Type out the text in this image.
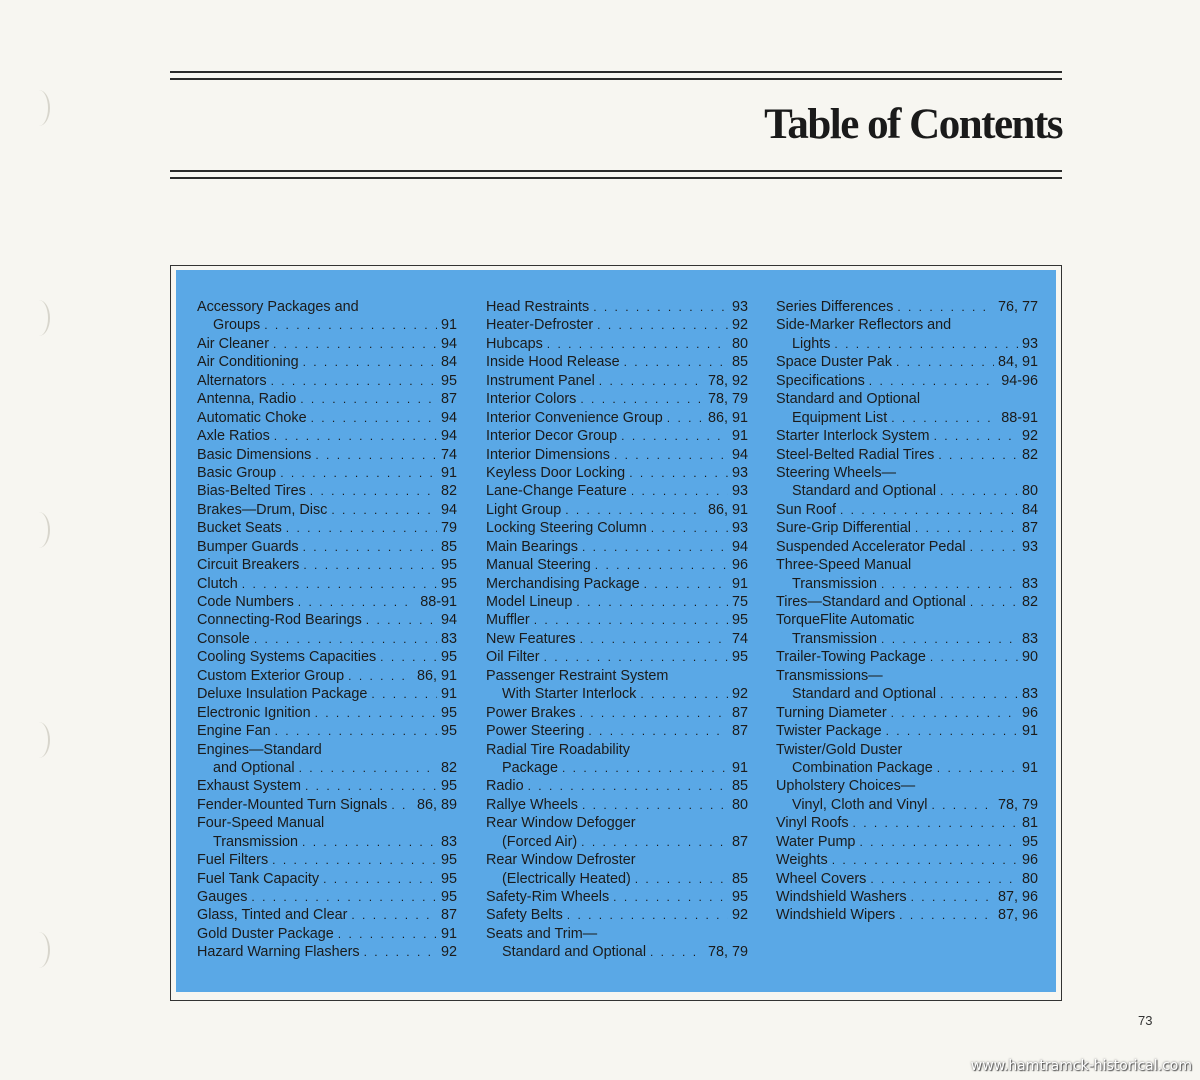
Table of Contents
Accessory Packages and
Groups . . .	91
Air Cleaner . . .	94
Air Conditioning . . .	84
Alternators . . .	95
Antenna, Radio . . .	87
Automatic Choke . . .	94
Axle Ratios . . .	94
Basic Dimensions . . .	74
Basic Group . . .	91
Bias-Belted Tires . . .	82
Brakes—Drum, Disc . . .	94
Bucket Seats . . .	79
Bumper Guards . . .	85
Circuit Breakers . . .	95
Clutch . . .	95
Code Numbers . . .	88-91
Connecting-Rod Bearings . . .	94
Console . . .	83
Cooling Systems Capacities . . .	95
Custom Exterior Group . . .	86, 91
Deluxe Insulation Package . . .	91
Electronic Ignition . . .	95
Engine Fan . . .	95
Engines—Standard
and Optional . . .	82
Exhaust System . . .	95
Fender-Mounted Turn Signals . . . 86, 89
Four-Speed Manual
Transmission . . .	83
Fuel Filters . . .	95
Fuel Tank Capacity . . .	95
Gauges . . .	95
Glass, Tinted and Clear . . .	87
Gold Duster Package . . .	91
Hazard Warning Flashers . . .	92
Head Restraints . . .	93
Heater-Defroster . . .	92
Hubcaps . . .	80
Inside Hood Release . . .	85
Instrument Panel . . .	78, 92
Interior Colors . . .	78, 79
Interior Convenience Group . . .	86, 91
Interior Decor Group . . .	91
Interior Dimensions . . .	94
Keyless Door Locking . . .	93
Lane-Change Feature . . .	93
Light Group . . .	86, 91
Locking Steering Column . . .	93
Main Bearings . . .	94
Manual Steering . . .	96
Merchandising Package . . .	91
Model Lineup . . .	75
Muffler . . .	95
New Features . . .	74
Oil Filter . . .	95
Passenger Restraint System
With Starter Interlock . . .	92
Power Brakes . . .	87
Power Steering . . .	87
Radial Tire Roadability
Package . . .	91
Radio . . .	85
Rallye Wheels . . .	80
Rear Window Defogger
(Forced Air) . . .	87
Rear Window Defroster
(Electrically Heated) . . .	85
Safety-Rim Wheels . . .	95
Safety Belts . . .	92
Seats and Trim—
Standard and Optional . . .	78, 79
Series Differences . . .	76, 77
Side-Marker Reflectors and
Lights . . .	93
Space Duster Pak . . .	84, 91
Specifications . . .	94-96
Standard and Optional
Equipment List . . .	88-91
Starter Interlock System . . .	92
Steel-Belted Radial Tires . . .	82
Steering Wheels—
Standard and Optional . . .	80
Sun Roof . . .	84
Sure-Grip Differential . . .	87
Suspended Accelerator Pedal . . .	93
Three-Speed Manual
Transmission . . .	83
Tires—Standard and Optional . . .	82
TorqueFlite Automatic
Transmission . . .	83
Trailer-Towing Package . . .	90
Transmissions—
Standard and Optional . . .	83
Turning Diameter . . .	96
Twister Package . . .	91
Twister/Gold Duster
Combination Package . . .	91
Upholstery Choices—
Vinyl, Cloth and Vinyl . . .	78, 79
Vinyl Roofs . . .	81
Water Pump . . .	95
Weights . . .	96
Wheel Covers . . .	80
Windshield Washers . . .	87, 96
Windshield Wipers . . .	87, 96
73
www.hamtramck-historical.com
